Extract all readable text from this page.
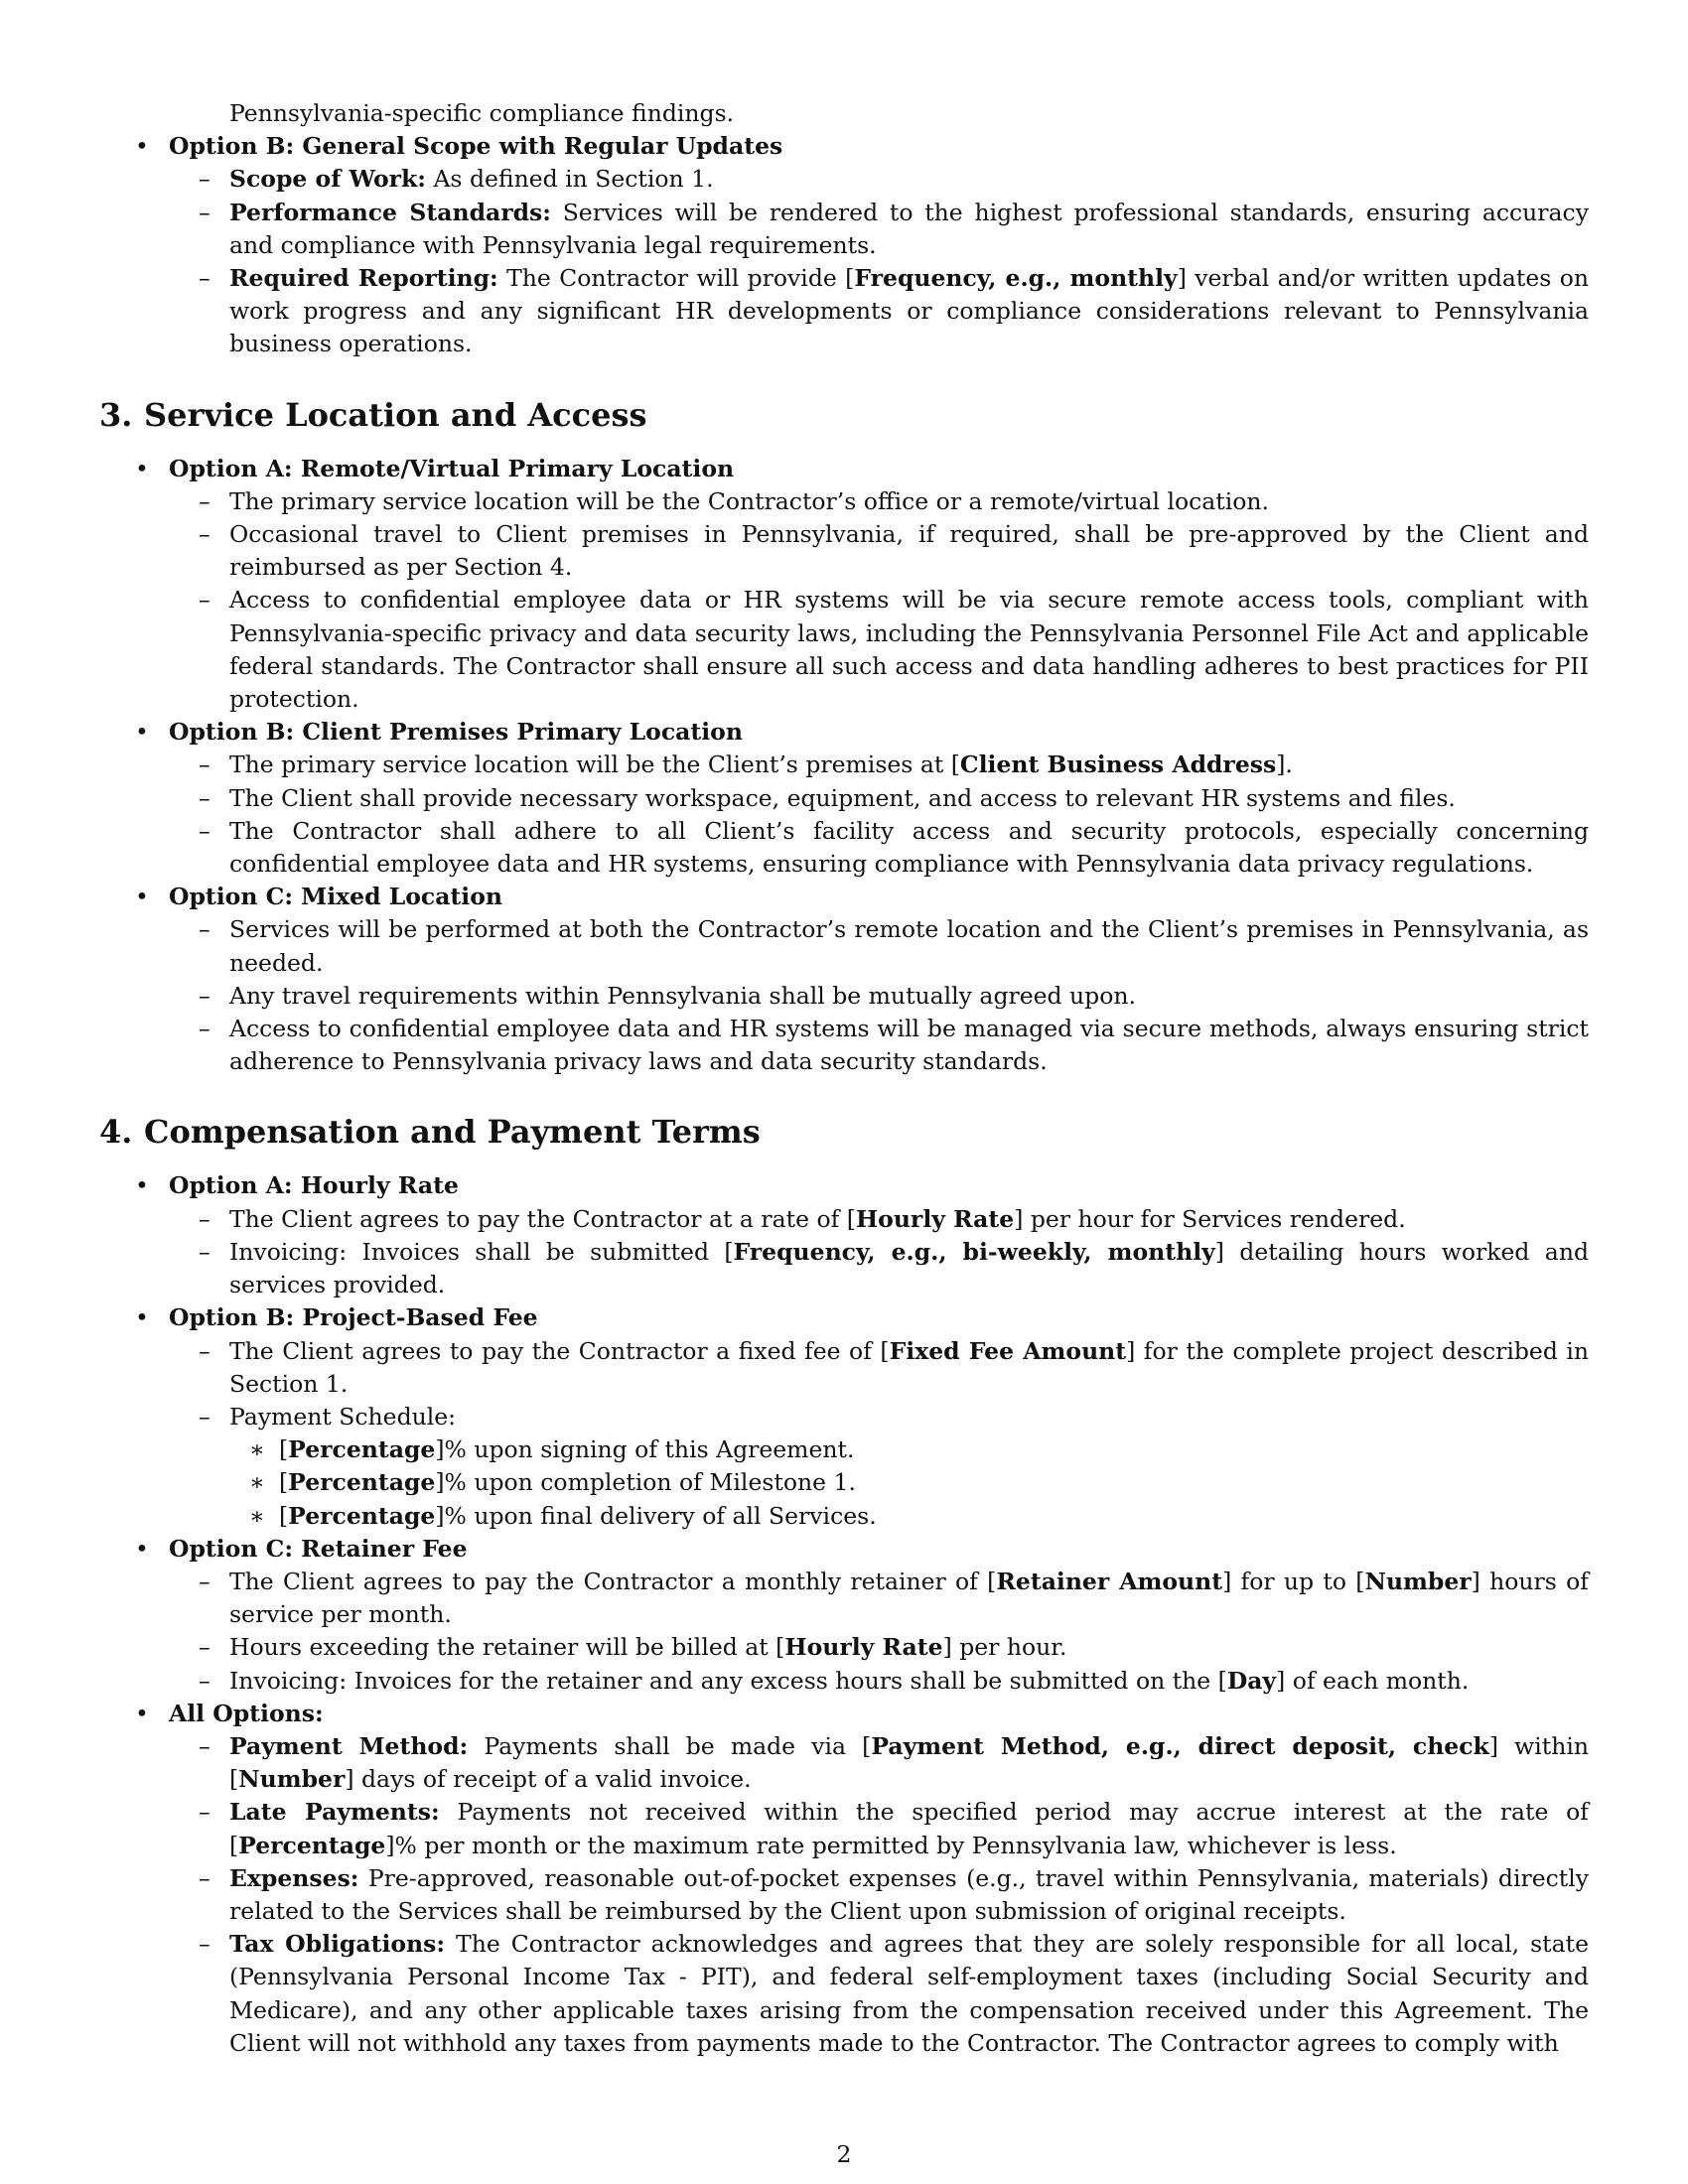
Pennsylvania-specific compliance findings.
• Option B: General Scope with Regular Updates
– Scope of Work: As defined in Section 1.
– Performance Standards: Services will be rendered to the highest professional standards, ensuring accuracy and compliance with Pennsylvania legal requirements.
– Required Reporting: The Contractor will provide [Frequency, e.g., monthly] verbal and/or written updates on work progress and any significant HR developments or compliance considerations relevant to Pennsylvania business operations.
3. Service Location and Access
• Option A: Remote/Virtual Primary Location
– The primary service location will be the Contractor’s office or a remote/virtual location.
– Occasional travel to Client premises in Pennsylvania, if required, shall be pre-approved by the Client and reimbursed as per Section 4.
– Access to confidential employee data or HR systems will be via secure remote access tools, compliant with Pennsylvania-specific privacy and data security laws, including the Pennsylvania Personnel File Act and applicable federal standards. The Contractor shall ensure all such access and data handling adheres to best practices for PII protection.
• Option B: Client Premises Primary Location
– The primary service location will be the Client’s premises at [Client Business Address].
– The Client shall provide necessary workspace, equipment, and access to relevant HR systems and files.
– The Contractor shall adhere to all Client’s facility access and security protocols, especially concerning confidential employee data and HR systems, ensuring compliance with Pennsylvania data privacy regulations.
• Option C: Mixed Location
– Services will be performed at both the Contractor’s remote location and the Client’s premises in Pennsylvania, as needed.
– Any travel requirements within Pennsylvania shall be mutually agreed upon.
– Access to confidential employee data and HR systems will be managed via secure methods, always ensuring strict adherence to Pennsylvania privacy laws and data security standards.
4. Compensation and Payment Terms
• Option A: Hourly Rate
– The Client agrees to pay the Contractor at a rate of [Hourly Rate] per hour for Services rendered.
– Invoicing: Invoices shall be submitted [Frequency, e.g., bi-weekly, monthly] detailing hours worked and services provided.
• Option B: Project-Based Fee
– The Client agrees to pay the Contractor a fixed fee of [Fixed Fee Amount] for the complete project described in Section 1.
– Payment Schedule:
∗ [Percentage]% upon signing of this Agreement.
∗ [Percentage]% upon completion of Milestone 1.
∗ [Percentage]% upon final delivery of all Services.
• Option C: Retainer Fee
– The Client agrees to pay the Contractor a monthly retainer of [Retainer Amount] for up to [Number] hours of service per month.
– Hours exceeding the retainer will be billed at [Hourly Rate] per hour.
– Invoicing: Invoices for the retainer and any excess hours shall be submitted on the [Day] of each month.
• All Options:
– Payment Method: Payments shall be made via [Payment Method, e.g., direct deposit, check] within [Number] days of receipt of a valid invoice.
– Late Payments: Payments not received within the specified period may accrue interest at the rate of [Percentage]% per month or the maximum rate permitted by Pennsylvania law, whichever is less.
– Expenses: Pre-approved, reasonable out-of-pocket expenses (e.g., travel within Pennsylvania, materials) directly related to the Services shall be reimbursed by the Client upon submission of original receipts.
– Tax Obligations: The Contractor acknowledges and agrees that they are solely responsible for all local, state (Pennsylvania Personal Income Tax - PIT), and federal self-employment taxes (including Social Security and Medicare), and any other applicable taxes arising from the compensation received under this Agreement. The Client will not withhold any taxes from payments made to the Contractor. The Contractor agrees to comply with
2
